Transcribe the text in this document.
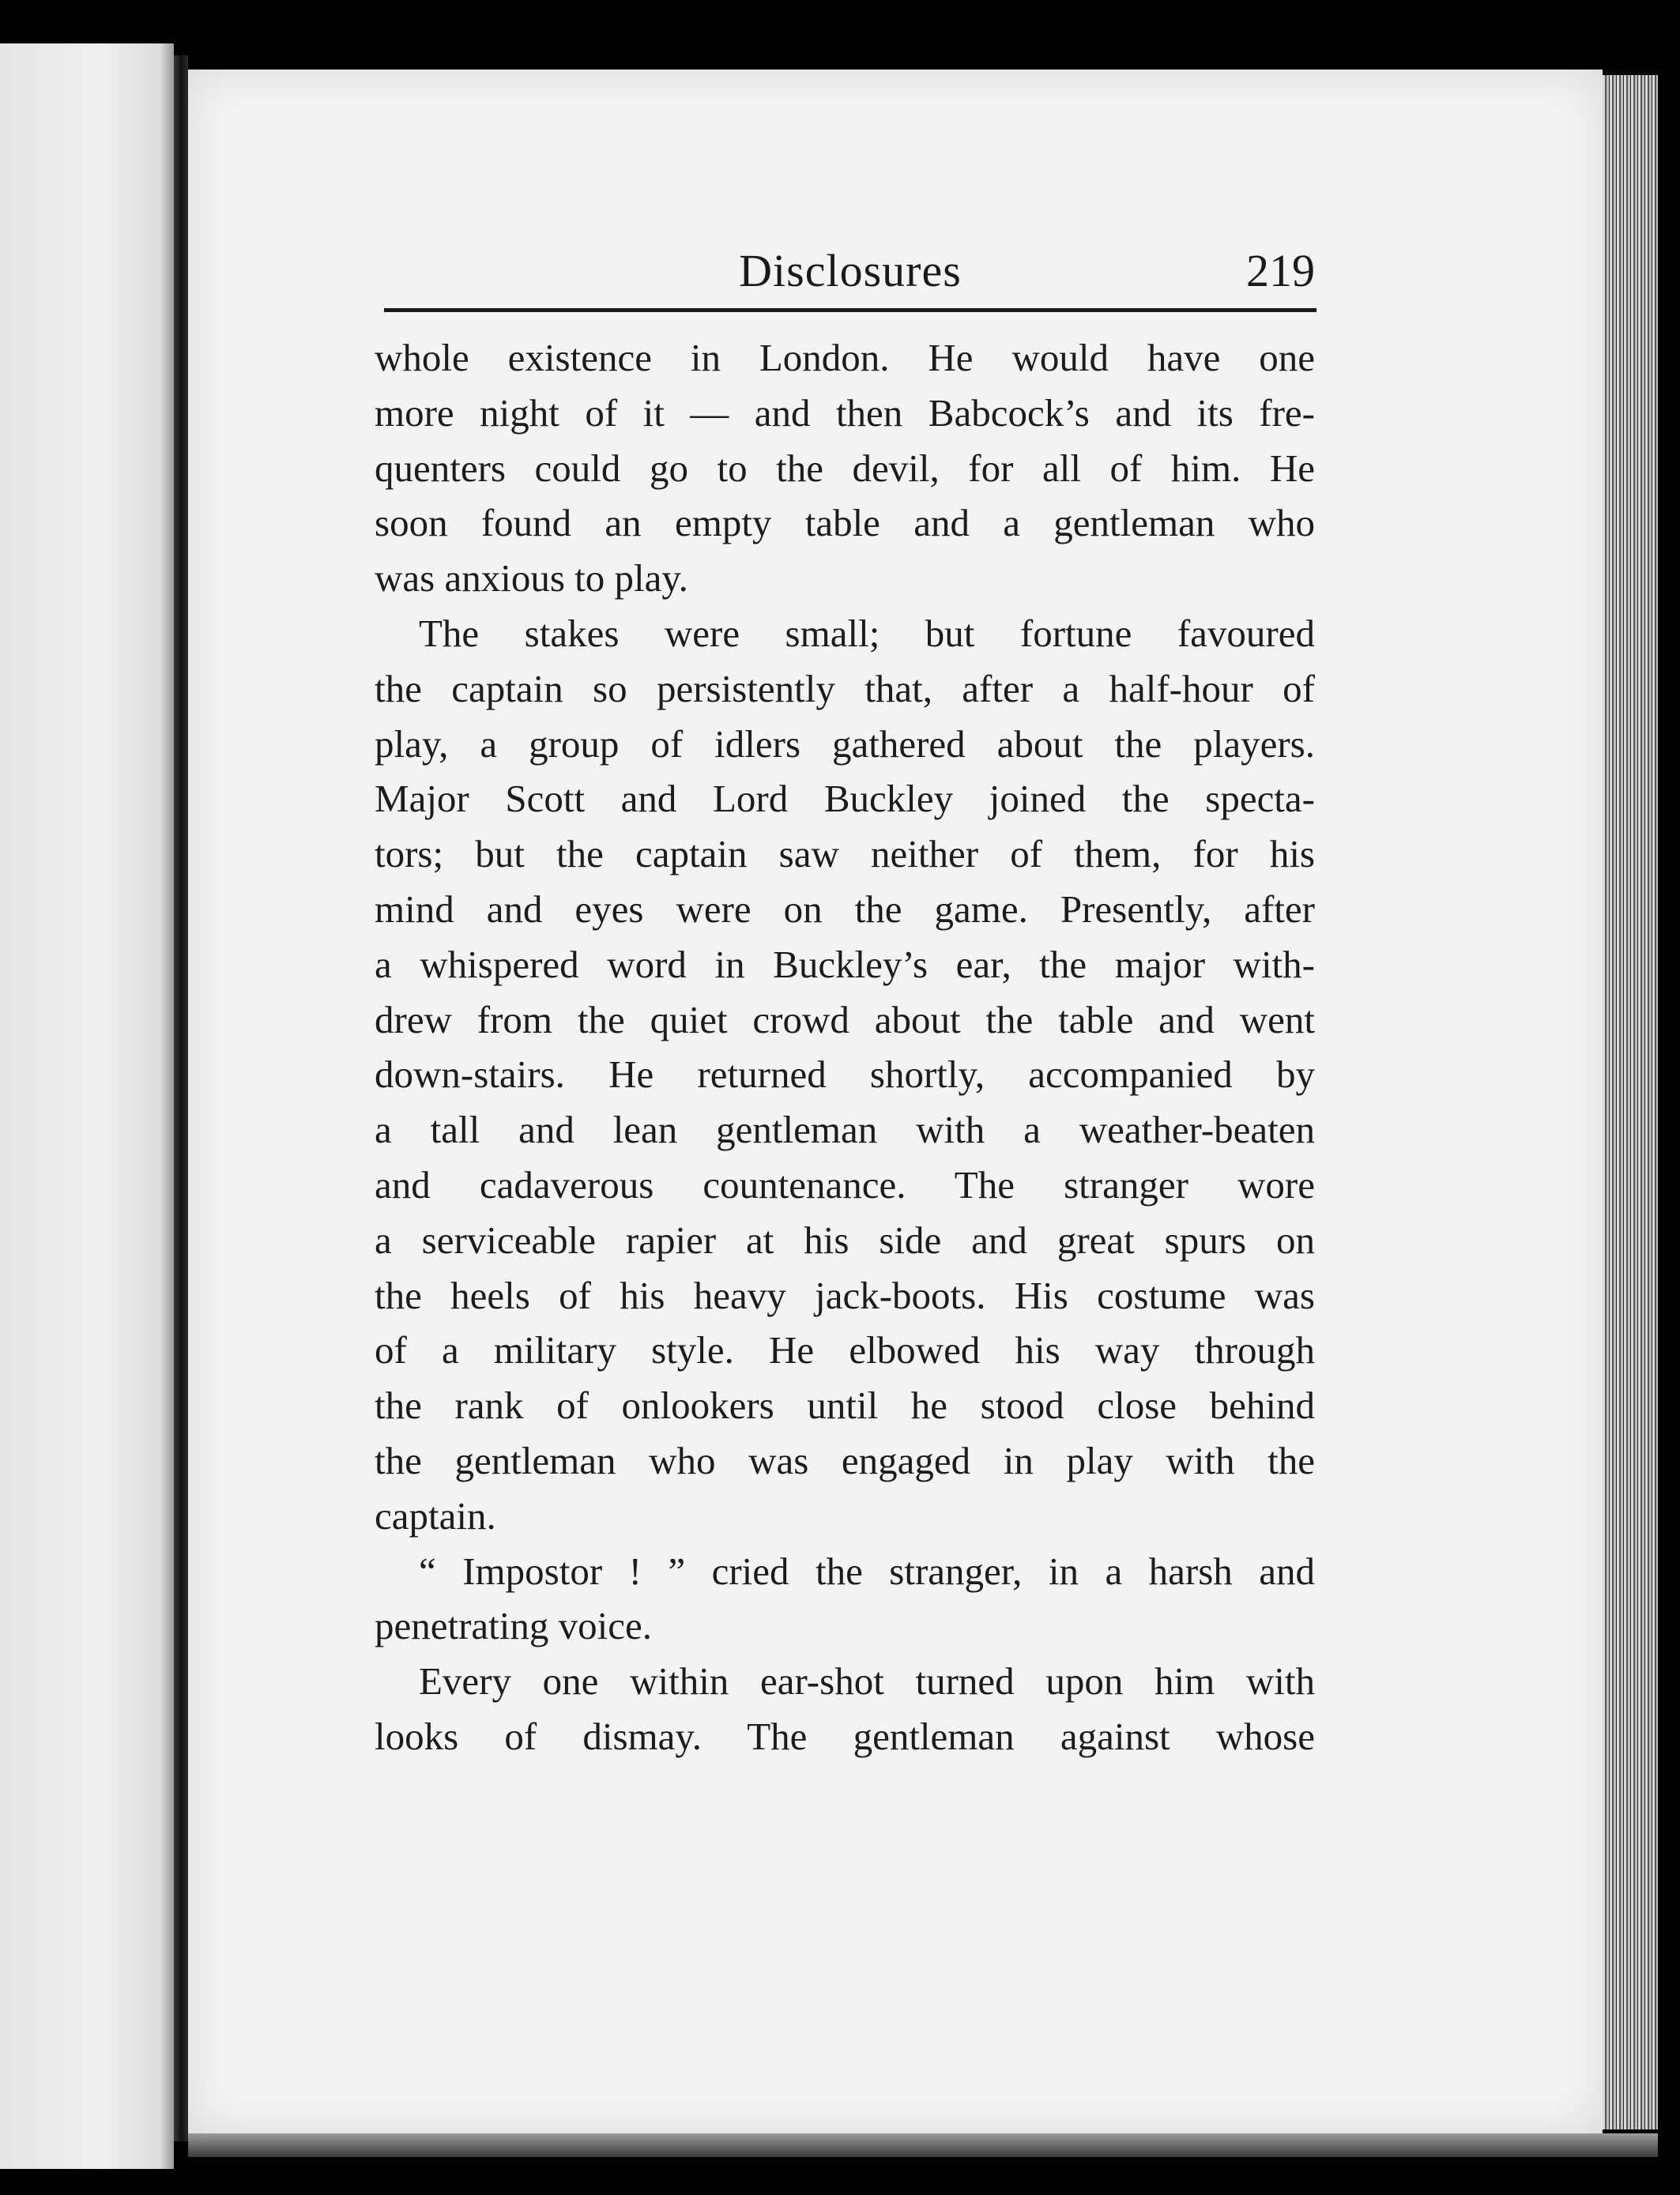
Disclosures	219
whole existence in London. He would have one
more night of it — and then Babcock’s and its fre-
quenters could go to the devil, for all of him. He
soon found an empty table and a gentleman who
was anxious to play.
The stakes were small; but fortune favoured
the captain so persistently that, after a half-hour of
play, a group of idlers gathered about the players.
Major Scott and Lord Buckley joined the specta-
tors; but the captain saw neither of them, for his
mind and eyes were on the game. Presently, after
a whispered word in Buckley’s ear, the major with-
drew from the quiet crowd about the table and went
down-stairs. He returned shortly, accompanied by
a tall and lean gentleman with a weather-beaten
and cadaverous countenance. The stranger wore
a serviceable rapier at his side and great spurs on
the heels of his heavy jack-boots. His costume was
of a military style. He elbowed his way through
the rank of onlookers until he stood close behind
the gentleman who was engaged in play with the
captain.
“ Impostor ! ” cried the stranger, in a harsh and
penetrating voice.
Every one within ear-shot turned upon him with
looks of dismay. The gentleman against whose
